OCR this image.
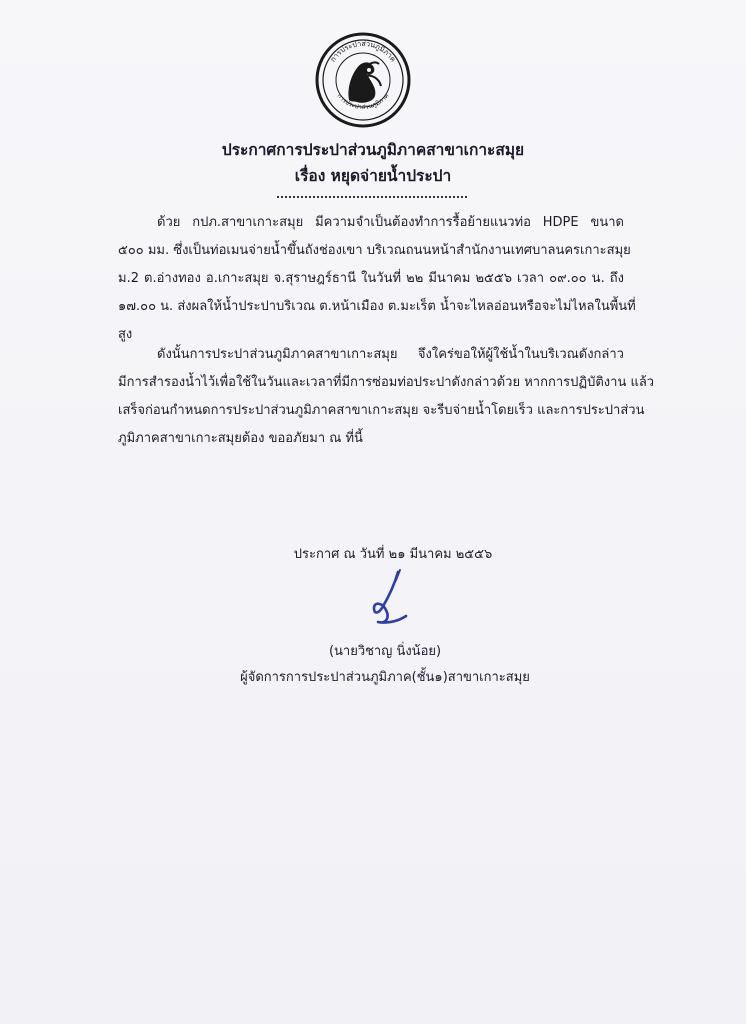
การประปาส่วนภูมิภาค
การประปาส่วนภูมิภาค
ประกาศการประปาส่วนภูมิภาคสาขาเกาะสมุย
เรื่อง หยุดจ่ายน้ำประปา
ด้วย กปภ.สาขาเกาะสมุย มีความจำเป็นต้องทำการรื้อย้ายแนวท่อ HDPE ขนาด
๕๐๐ มม. ซึ่งเป็นท่อเมนจ่ายน้ำขึ้นถังช่องเขา บริเวณถนนหน้าสำนักงานเทศบาลนครเกาะสมุย
ม.2 ต.อ่างทอง อ.เกาะสมุย จ.สุราษฎร์ธานี ในวันที่ ๒๒ มีนาคม ๒๕๕๖ เวลา ๐๙.๐๐ น. ถึง
๑๗.๐๐ น. ส่งผลให้น้ำประปาบริเวณ ต.หน้าเมือง ต.มะเร็ต น้ำจะไหลอ่อนหรือจะไม่ไหลในพื้นที่
สูง
ดังนั้นการประปาส่วนภูมิภาคสาขาเกาะสมุย จึงใคร่ขอให้ผู้ใช้น้ำในบริเวณดังกล่าว
มีการสำรองน้ำไว้เพื่อใช้ในวันและเวลาที่มีการซ่อมท่อประปาดังกล่าวด้วย หากการปฏิบัติงาน แล้ว
เสร็จก่อนกำหนดการประปาส่วนภูมิภาคสาขาเกาะสมุย จะรีบจ่ายน้ำโดยเร็ว และการประปาส่วน
ภูมิภาคสาขาเกาะสมุยต้อง ขออภัยมา ณ ที่นี้
ประกาศ ณ วันที่ ๒๑ มีนาคม ๒๕๕๖
(นายวิชาญ นิ่งน้อย)
ผู้จัดการการประปาส่วนภูมิภาค(ชั้น๑)สาขาเกาะสมุย
